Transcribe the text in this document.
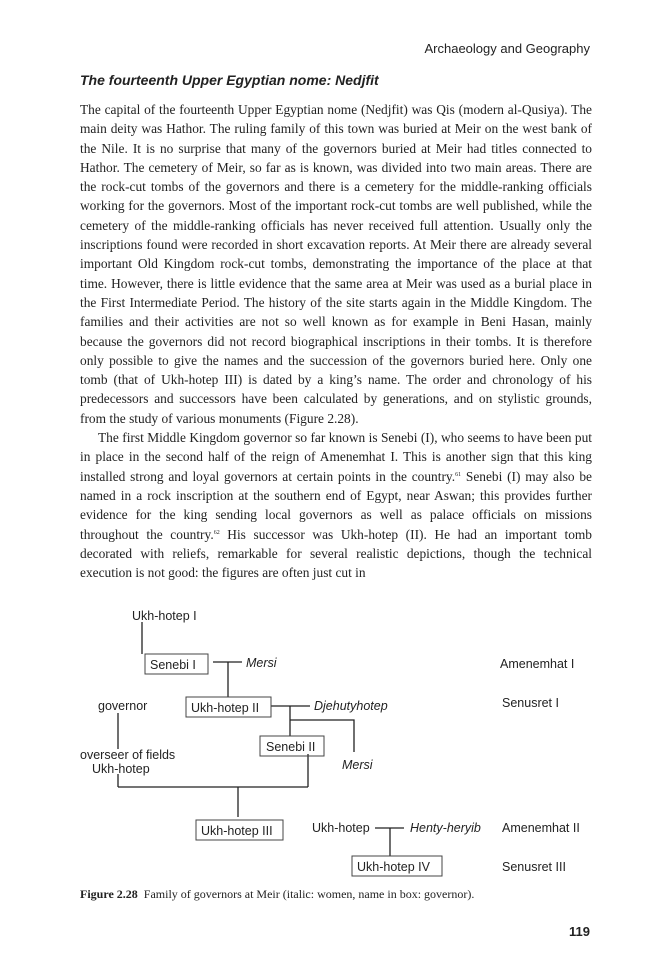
Archaeology and Geography
The fourteenth Upper Egyptian nome: Nedjfit

The capital of the fourteenth Upper Egyptian nome (Nedjfit) was Qis (modern al-Qusiya). The main deity was Hathor. The ruling family of this town was buried at Meir on the west bank of the Nile. It is no surprise that many of the governors buried at Meir had titles connected to Hathor. The cemetery of Meir, so far as is known, was divided into two main areas. There are the rock-cut tombs of the governors and there is a cemetery for the middle-ranking officials working for the governors. Most of the important rock-cut tombs are well published, while the cemetery of the middle-ranking officials has never received full attention. Usually only the inscriptions found were recorded in short excavation reports. At Meir there are already several important Old Kingdom rock-cut tombs, demonstrating the importance of the place at that time. However, there is little evidence that the same area at Meir was used as a burial place in the First Intermediate Period. The history of the site starts again in the Middle Kingdom. The families and their activities are not so well known as for example in Beni Hasan, mainly because the governors did not record biographical inscriptions in their tombs. It is therefore only possible to give the names and the succession of the governors buried here. Only one tomb (that of Ukh-hotep III) is dated by a king’s name. The order and chronology of his predecessors and successors have been calculated by generations, and on stylistic grounds, from the study of various monuments (Figure 2.28).

The first Middle Kingdom governor so far known is Senebi (I), who seems to have been put in place in the second half of the reign of Amenemhat I. This is another sign that this king installed strong and loyal governors at certain points in the country.$^{61}$ Senebi (I) may also be named in a rock inscription at the southern end of Egypt, near Aswan; this provides further evidence for the king sending local governors as well as palace officials on missions throughout the country.$^{62}$ His successor was Ukh-hotep (II). He had an important tomb decorated with reliefs, remarkable for several realistic depictions, though the technical execution is not good: the figures are often just cut in

Ukh-hotep I
Senebi I	Mersi
governor	Ukh-hotep II	Djehutyhotep
Senebi II
overseer of fields
Ukh-hotep	Mersi
Ukh-hotep III	Ukh-hotep	Henty-heryib
Ukh-hotep IV
Amenemhat I
Senusret I
Amenemhat II
Senusret III
Figure 2.28 Family of governors at Meir (italic: women, name in box: governor).
119
